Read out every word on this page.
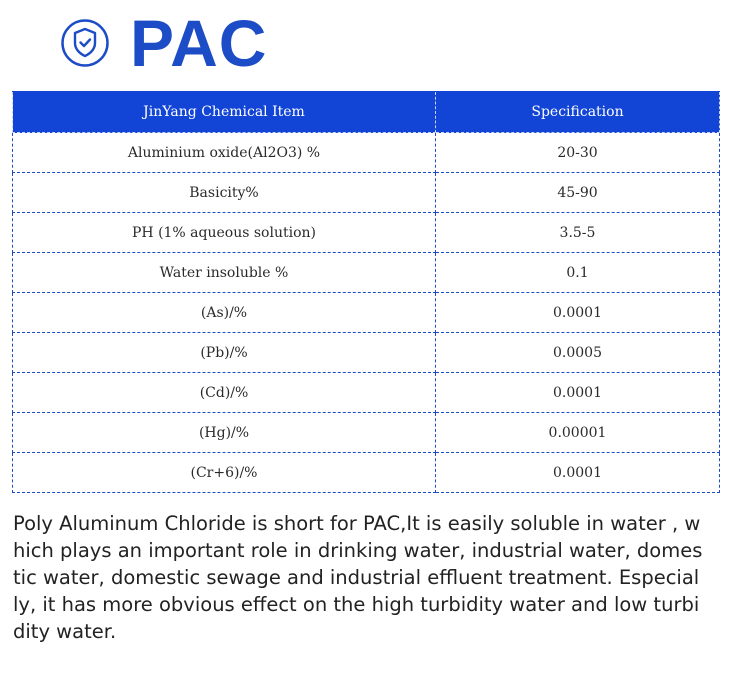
PAC
JinYang Chemical Item	Specification
Aluminium oxide(Al2O3) %	20-30
Basicity%	45-90
PH (1% aqueous solution)	3.5-5
Water insoluble %	0.1
(As)/%	0.0001
(Pb)/%	0.0005
(Cd)/%	0.0001
(Hg)/%	0.00001
(Cr+6)/%	0.0001

Poly Aluminum Chloride is short for PAC,It is easily soluble in water , which plays an important role in drinking water, industrial water, domestic water, domestic sewage and industrial effluent treatment. Especially, it has more obvious effect on the high turbidity water and low turbidity water.
